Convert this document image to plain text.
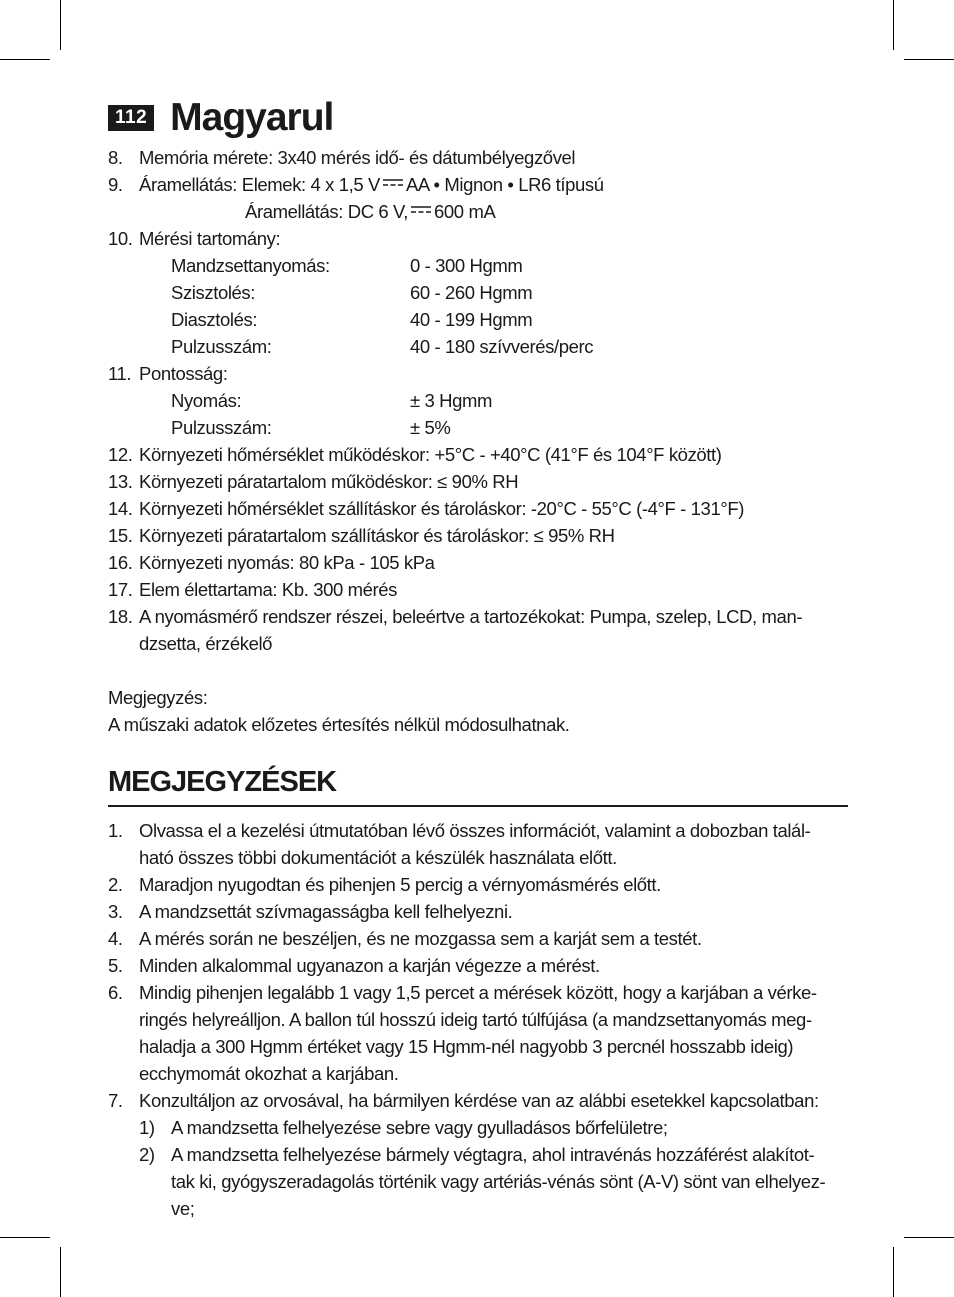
112 Magyarul
8. Memória mérete: 3x40 mérés idő- és dátumbélyegzővel
9. Áramellátás: Elemek: 4 x 1,5 V AA • Mignon • LR6 típusú
Áramellátás: DC 6 V, 600 mA
10. Mérési tartomány:
Mandzsettanyomás:	0 - 300 Hgmm
Szisztolés:	60 - 260 Hgmm
Diasztolés:	40 - 199 Hgmm
Pulzusszám:	40 - 180 szívverés/perc
11. Pontosság:
Nyomás:	± 3 Hgmm
Pulzusszám:	± 5%
12. Környezeti hőmérséklet működéskor: +5°C - +40°C (41°F és 104°F között)
13. Környezeti páratartalom működéskor: ≤ 90% RH
14. Környezeti hőmérséklet szállításkor és tároláskor: -20°C - 55°C (-4°F - 131°F)
15. Környezeti páratartalom szállításkor és tároláskor: ≤ 95% RH
16. Környezeti nyomás: 80 kPa - 105 kPa
17. Elem élettartama: Kb. 300 mérés
18. A nyomásmérő rendszer részei, beleértve a tartozékokat: Pumpa, szelep, LCD, man-
dzsetta, érzékelő
Megjegyzés:
A műszaki adatok előzetes értesítés nélkül módosulhatnak.
MEGJEGYZÉSEK
1. Olvassa el a kezelési útmutatóban lévő összes információt, valamint a dobozban talál-
ható összes többi dokumentációt a készülék használata előtt.
2. Maradjon nyugodtan és pihenjen 5 percig a vérnyomásmérés előtt.
3. A mandzsettát szívmagasságba kell felhelyezni.
4. A mérés során ne beszéljen, és ne mozgassa sem a karját sem a testét.
5. Minden alkalommal ugyanazon a karján végezze a mérést.
6. Mindig pihenjen legalább 1 vagy 1,5 percet a mérések között, hogy a karjában a vérke-
ringés helyreálljon. A ballon túl hosszú ideig tartó túlfújása (a mandzsettanyomás meg-
haladja a 300 Hgmm értéket vagy 15 Hgmm-nél nagyobb 3 percnél hosszabb ideig)
ecchymomát okozhat a karjában.
7. Konzultáljon az orvosával, ha bármilyen kérdése van az alábbi esetekkel kapcsolatban:
1) A mandzsetta felhelyezése sebre vagy gyulladásos bőrfelületre;
2) A mandzsetta felhelyezése bármely végtagra, ahol intravénás hozzáférést alakítot-
tak ki, gyógyszeradagolás történik vagy artériás-vénás sönt (A-V) sönt van elhelyez-
ve;
